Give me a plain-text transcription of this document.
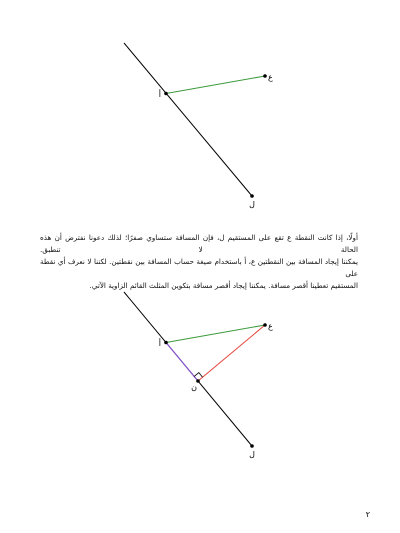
أ
ع
ل
أولًا، إذا كانت النقطة ع تقع على المستقيم ل، فإن المسافة ستساوي صفرًا؛ لذلك دعونا نفترض أن هذه الحالة لا تنطبق.
يمكننا إيجاد المسافة بين النقطتين ع، أ باستخدام صيغة حساب المسافة بين نقطتين. لكننا لا نعرف أي نقطة على
المستقيم تعطينا أقصر مسافة. يمكننا إيجاد أقصر مسافة بتكوين المثلث القائم الزاوية الآتي.
أ
ع
ن
ل
٢
